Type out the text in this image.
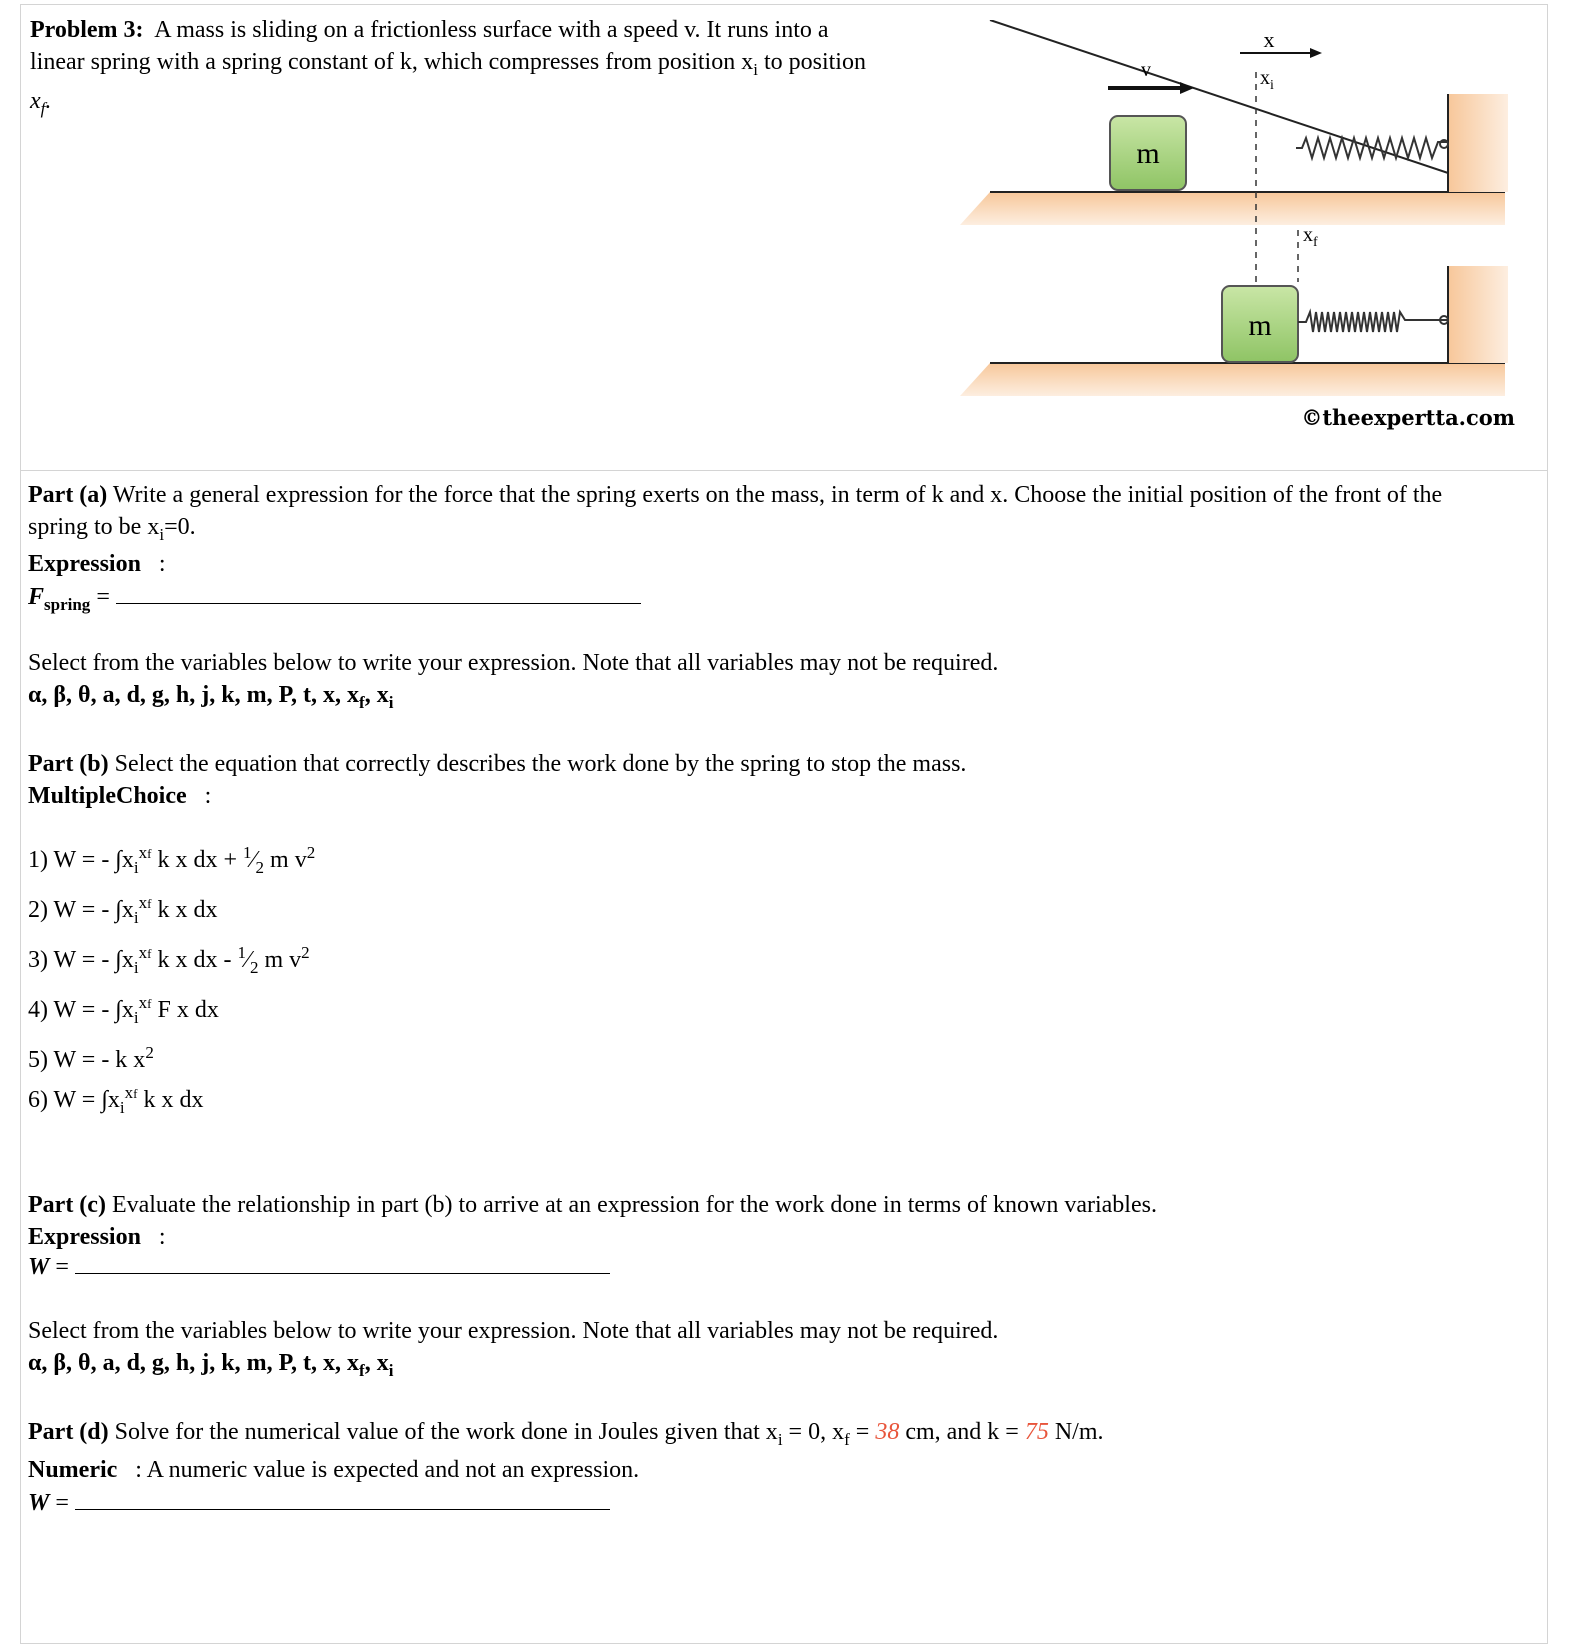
Problem 3: A mass is sliding on a frictionless surface with a speed v. It runs into a
linear spring with a spring constant of k, which compresses from position $x_i$ to position
$x_f$.
m
v
x
$x_i$
$x_f$
m
©theexpertta.com
Part (a) Write a general expression for the force that the spring exerts on the mass, in term of k and x. Choose the initial position of the front of the
spring to be $x_i=0$.
Expression :
$F_{spring}$ =
Select from the variables below to write your expression. Note that all variables may not be required.
α, β, θ, a, d, g, h, j, k, m, P, t, x, $x_f$, $x_i$
Part (b) Select the equation that correctly describes the work done by the spring to stop the mass.
MultipleChoice :
1) W = - $\int x_i^{xf}$ k x dx + $^1⁄_2$ m $v^2$
2) W = - $\int x_i^{xf}$ k x dx
3) W = - $\int x_i^{xf}$ k x dx - $^1⁄_2$ m $v^2$
4) W = - $\int x_i^{xf}$ F x dx
5) W = - k $x^2$
6) $W = \int x_i^{xf}$ k x dx
Part (c) Evaluate the relationship in part (b) to arrive at an expression for the work done in terms of known variables.
Expression :
W =
Select from the variables below to write your expression. Note that all variables may not be required.
α, β, θ, a, d, g, h, j, k, m, P, t, x, $x_f$, $x_i$
Part (d) Solve for the numerical value of the work done in Joules given that $x_i = 0$, $x_f = 38$ cm, and k = 75 N/m.
Numeric   : A numeric value is expected and not an expression.
W =
